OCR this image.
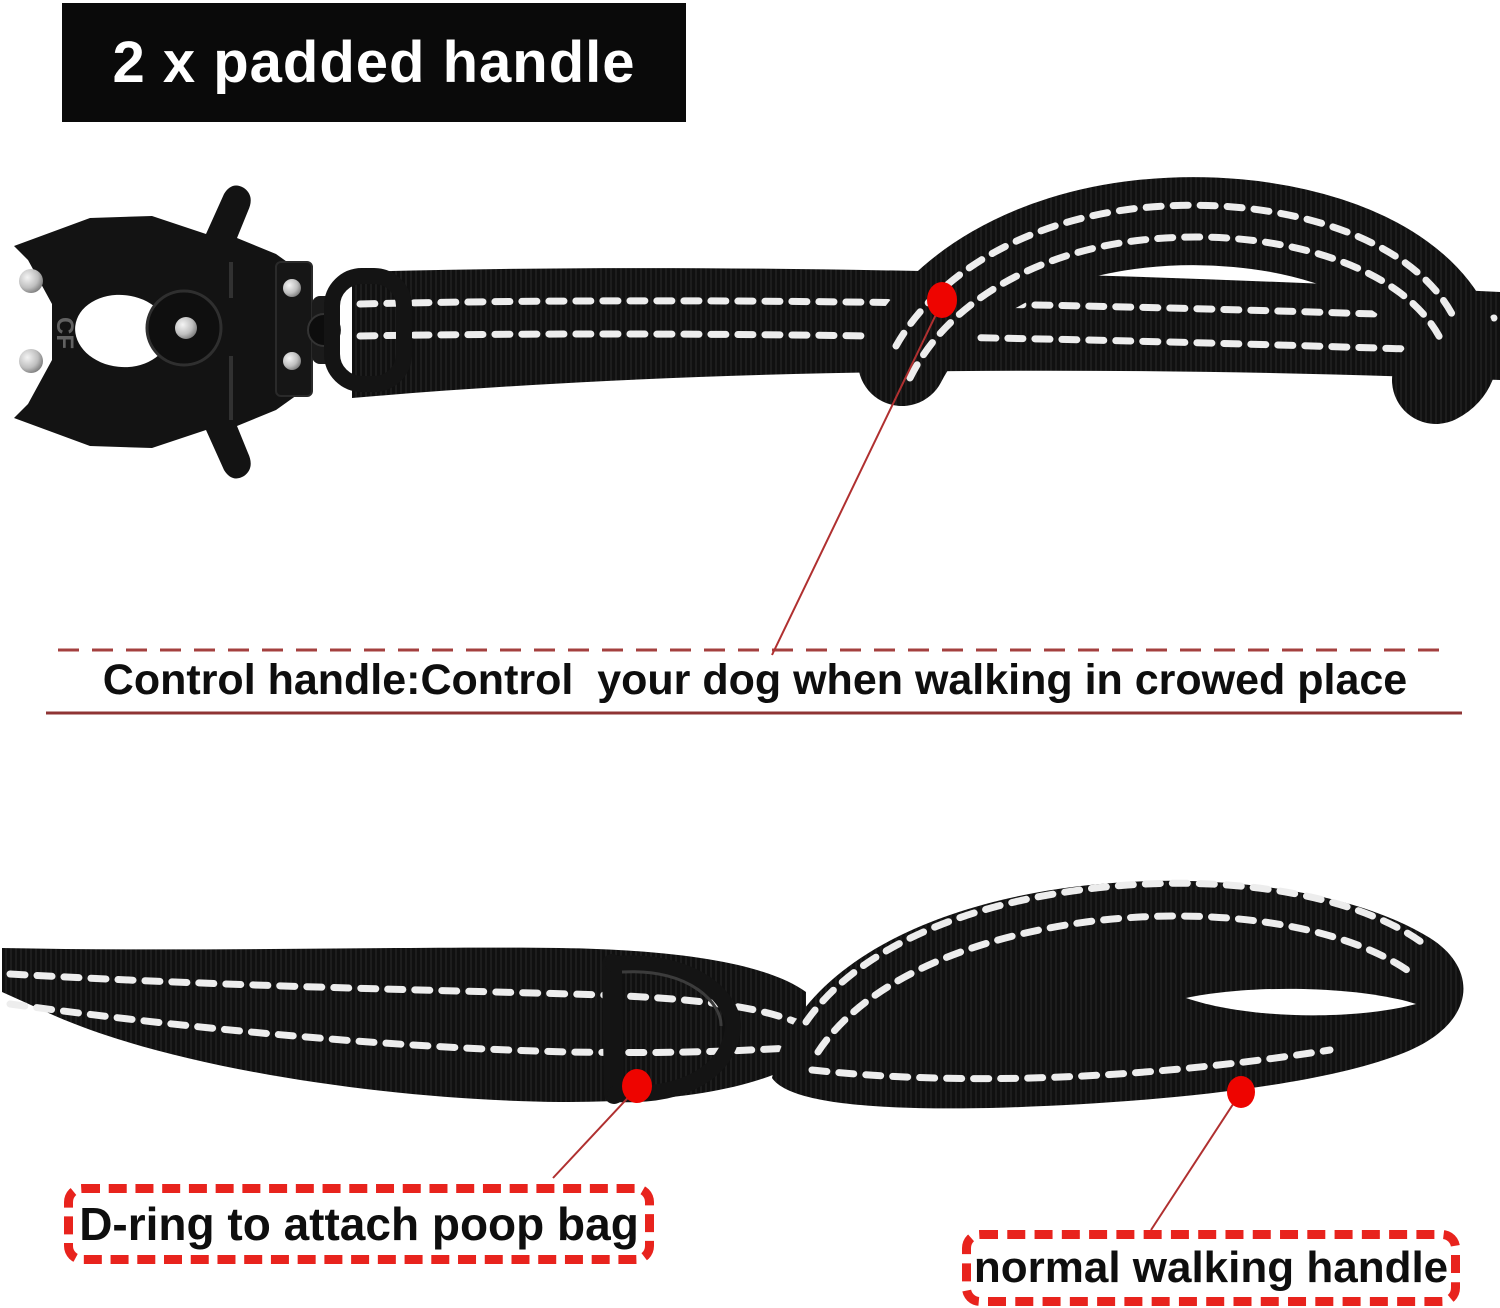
CF
2 x padded handle
Control handle:Control  your dog when walking in crowed place
D-ring to attach poop bag
normal walking handle
